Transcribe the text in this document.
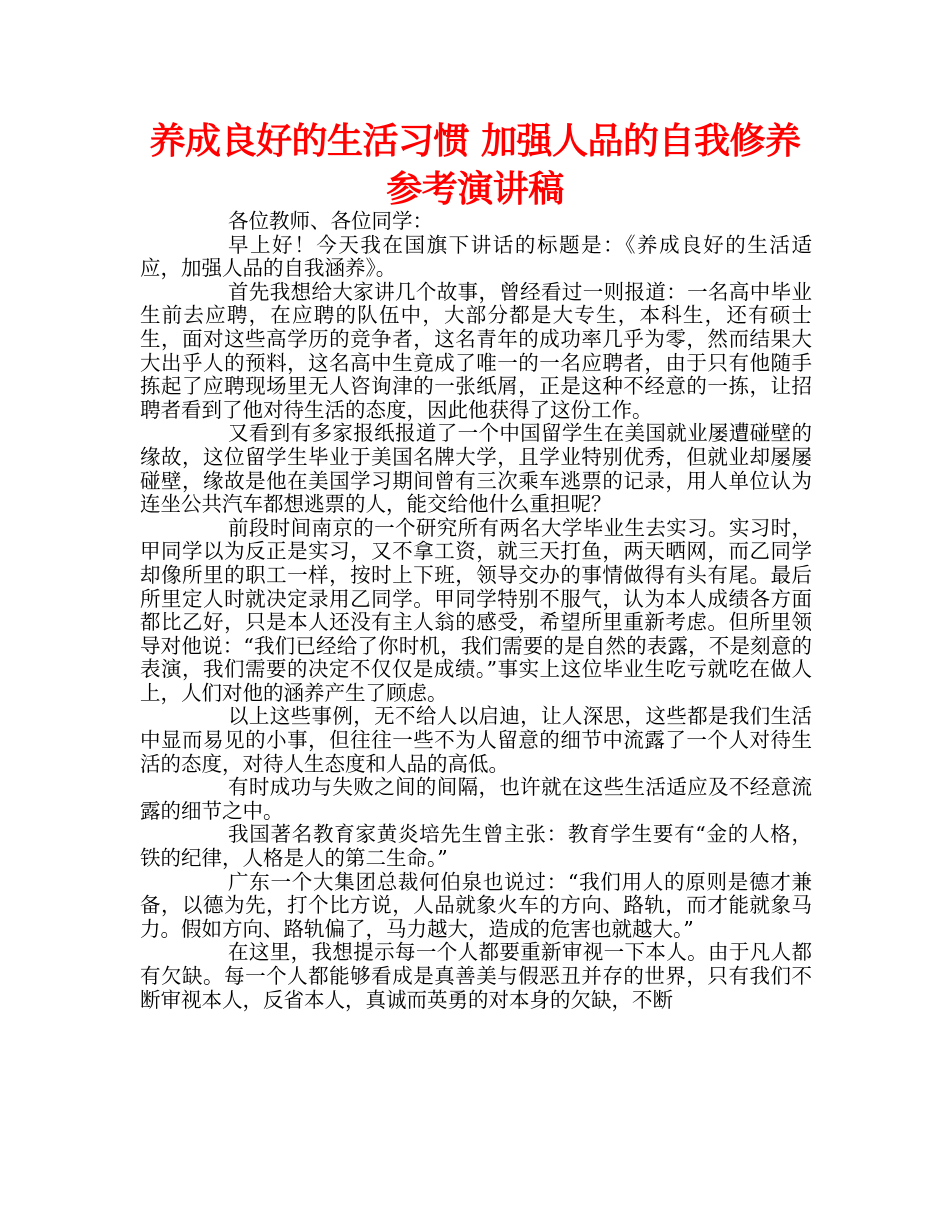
养成良好的生活习惯 加强人品的自我修养
参考演讲稿

各位教师、各位同学：

早上好！今天我在国旗下讲话的标题是：《养成良好的生活适应，加强人品的自我涵养》。

首先我想给大家讲几个故事，曾经看过一则报道：一名高中毕业生前去应聘，在应聘的队伍中，大部分都是大专生，本科生，还有硕士生，面对这些高学历的竞争者，这名青年的成功率几乎为零，然而结果大大出乎人的预料，这名高中生竟成了唯一的一名应聘者，由于只有他随手拣起了应聘现场里无人咨询津的一张纸屑，正是这种不经意的一拣，让招聘者看到了他对待生活的态度，因此他获得了这份工作。

又看到有多家报纸报道了一个中国留学生在美国就业屡遭碰壁的缘故，这位留学生毕业于美国名牌大学，且学业特别优秀，但就业却屡屡碰壁，缘故是他在美国学习期间曾有三次乘车逃票的记录，用人单位认为连坐公共汽车都想逃票的人，能交给他什么重担呢？

前段时间南京的一个研究所有两名大学毕业生去实习。实习时，甲同学以为反正是实习，又不拿工资，就三天打鱼，两天晒网，而乙同学却像所里的职工一样，按时上下班，领导交办的事情做得有头有尾。最后所里定人时就决定录用乙同学。甲同学特别不服气，认为本人成绩各方面都比乙好，只是本人还没有主人翁的感受，希望所里重新考虑。但所里领导对他说：“我们已经给了你时机，我们需要的是自然的表露，不是刻意的表演，我们需要的决定不仅仅是成绩。”事实上这位毕业生吃亏就吃在做人上，人们对他的涵养产生了顾虑。

以上这些事例，无不给人以启迪，让人深思，这些都是我们生活中显而易见的小事，但往往一些不为人留意的细节中流露了一个人对待生活的态度，对待人生态度和人品的高低。

有时成功与失败之间的间隔，也许就在这些生活适应及不经意流露的细节之中。

我国著名教育家黄炎培先生曾主张：教育学生要有“金的人格，铁的纪律，人格是人的第二生命。”

广东一个大集团总裁何伯泉也说过：“我们用人的原则是德才兼备，以德为先，打个比方说，人品就象火车的方向、路轨，而才能就象马力。假如方向、路轨偏了，马力越大，造成的危害也就越大。”

在这里，我想提示每一个人都要重新审视一下本人。由于凡人都有欠缺。每一个人都能够看成是真善美与假恶丑并存的世界，只有我们不断审视本人，反省本人，真诚而英勇的对本身的欠缺，不断
